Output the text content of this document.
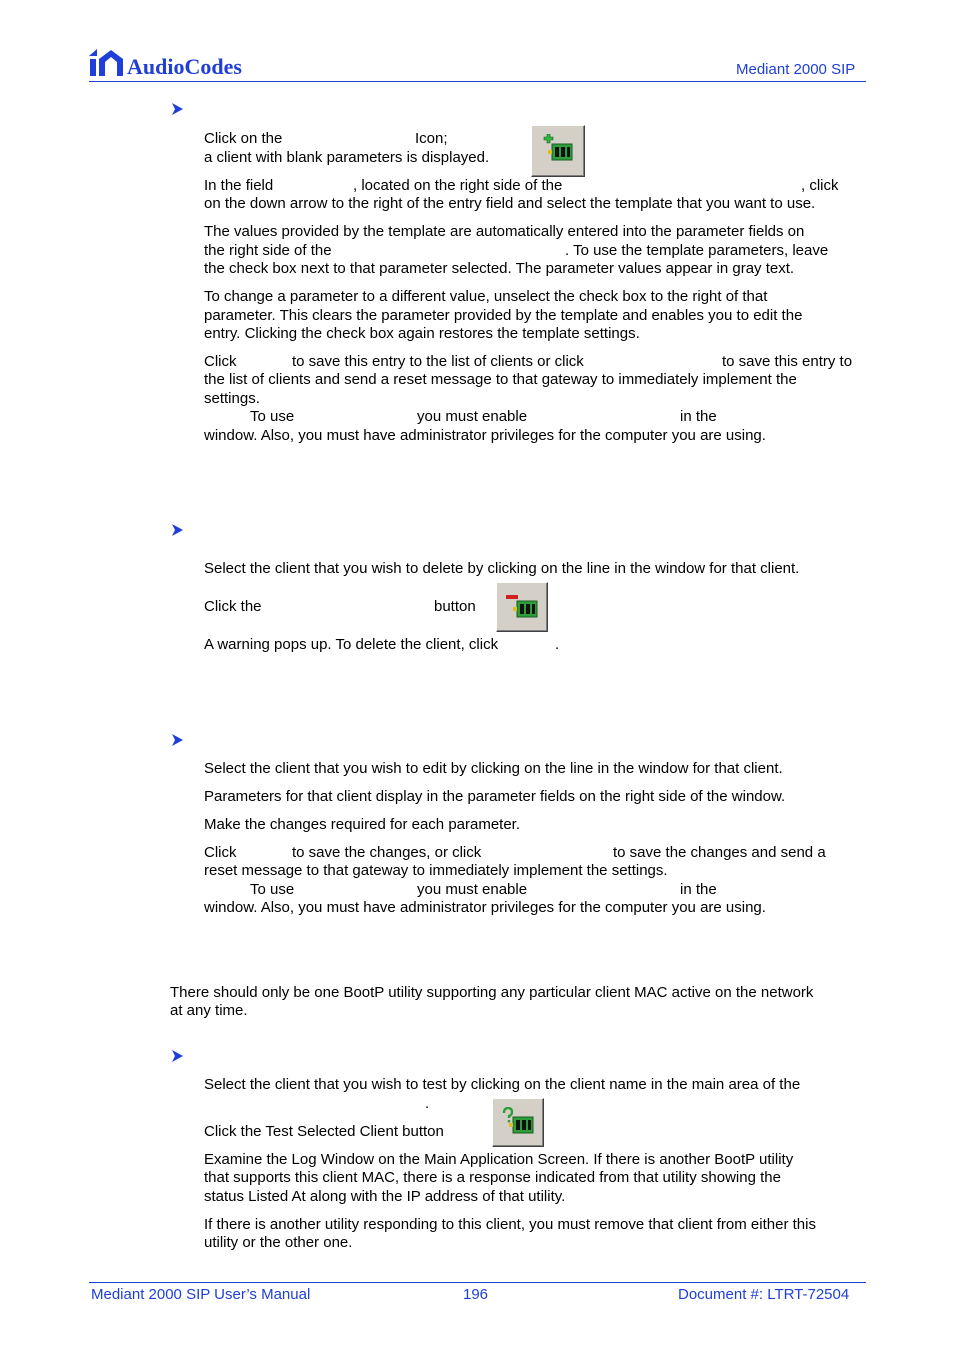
AudioCodes	Mediant 2000 SIP
Click on the	Icon;
a client with blank parameters is displayed.
In the field	, located on the right side of the	, click
on the down arrow to the right of the entry field and select the template that you want to use.
The values provided by the template are automatically entered into the parameter fields on
the right side of the	. To use the template parameters, leave
the check box next to that parameter selected. The parameter values appear in gray text.
To change a parameter to a different value, unselect the check box to the right of that
parameter. This clears the parameter provided by the template and enables you to edit the
entry. Clicking the check box again restores the template settings.
Click	to save this entry to the list of clients or click	to save this entry to
the list of clients and send a reset message to that gateway to immediately implement the
settings.
To use	you must enable	in the
window. Also, you must have administrator privileges for the computer you are using.
Select the client that you wish to delete by clicking on the line in the window for that client.
Click the	button
A warning pops up. To delete the client, click	.
Select the client that you wish to edit by clicking on the line in the window for that client.
Parameters for that client display in the parameter fields on the right side of the window.
Make the changes required for each parameter.
Click	to save the changes, or click	to save the changes and send a
reset message to that gateway to immediately implement the settings.
To use	you must enable	in the
window. Also, you must have administrator privileges for the computer you are using.
There should only be one BootP utility supporting any particular client MAC active on the network
at any time.
Select the client that you wish to test by clicking on the client name in the main area of the
.
Click the Test Selected Client button
Examine the Log Window on the Main Application Screen. If there is another BootP utility
that supports this client MAC, there is a response indicated from that utility showing the
status Listed At along with the IP address of that utility.
If there is another utility responding to this client, you must remove that client from either this
utility or the other one.
Mediant 2000 SIP User’s Manual	196	Document #: LTRT-72504
